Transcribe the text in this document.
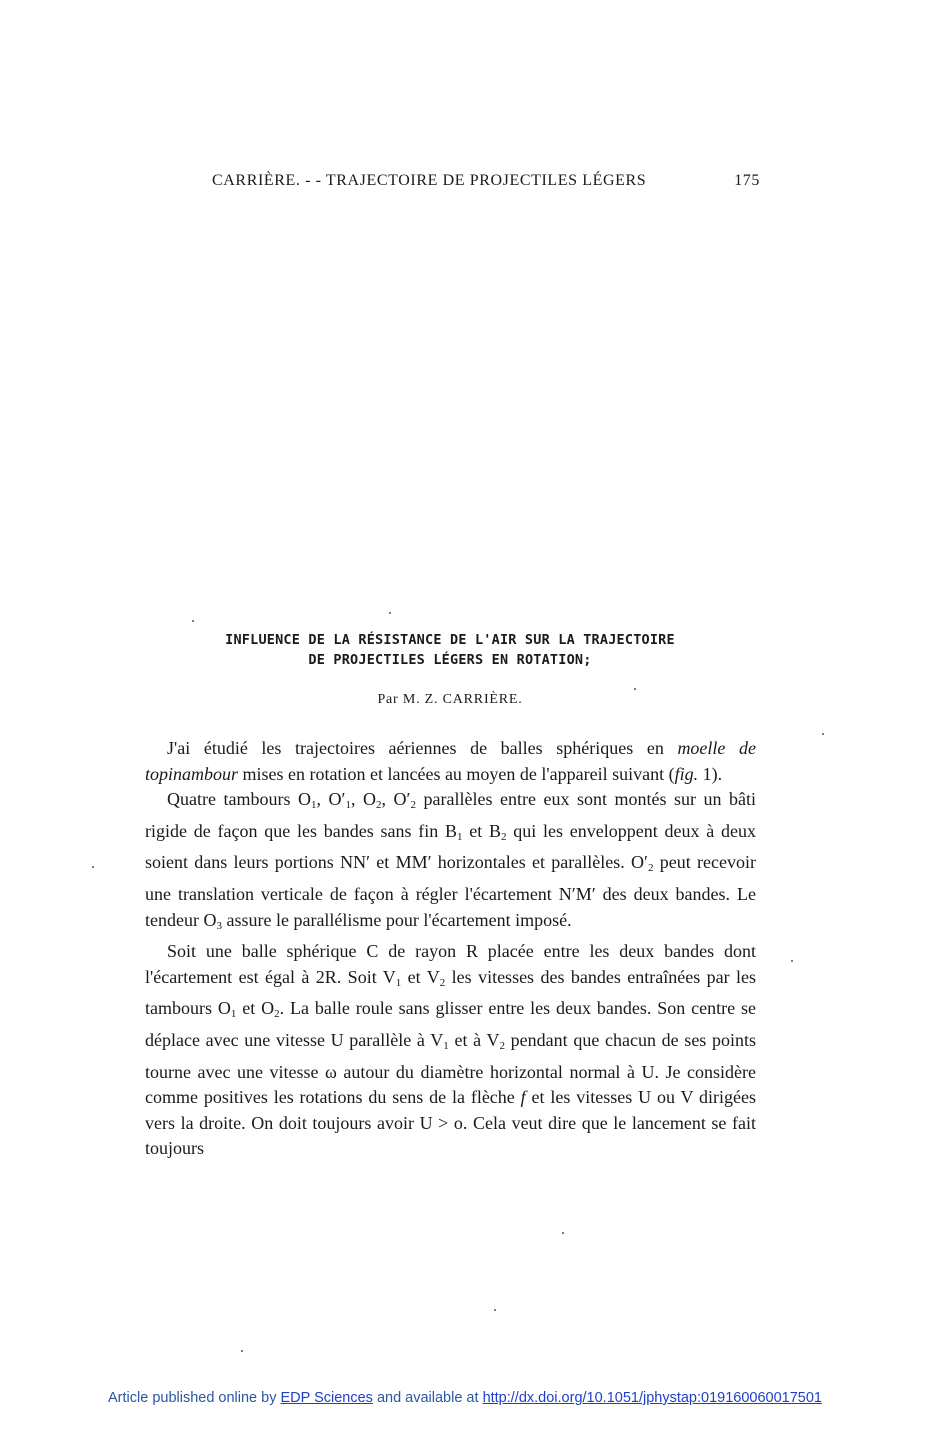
CARRIÈRE. - - TRAJECTOIRE DE PROJECTILES LÉGERS	175
INFLUENCE DE LA RÉSISTANCE DE L'AIR SUR LA TRAJECTOIRE
DE PROJECTILES LÉGERS EN ROTATION;
Par M. Z. CARRIÈRE.

J'ai étudié les trajectoires aériennes de balles sphériques en moelle de topinambour mises en rotation et lancées au moyen de l'appareil suivant (fig. 1).

Quatre tambours $O_1$, $O'_1$, $O_2$, $O'_2$ parallèles entre eux sont montés sur un bâti rigide de façon que les bandes sans fin $B_1$ et $B_2$ qui les enveloppent deux à deux soient dans leurs portions NN′ et MM′ horizontales et parallèles. $O'_2$ peut recevoir une translation verticale de façon à régler l'écartement N′M′ des deux bandes. Le tendeur $O_3$ assure le parallélisme pour l'écartement imposé.

Soit une balle sphérique C de rayon R placée entre les deux bandes dont l'écartement est égal à 2R. Soit $V_1$ et $V_2$ les vitesses des bandes entraînées par les tambours $O_1$ et $O_2$. La balle roule sans glisser entre les deux bandes. Son centre se déplace avec une vitesse U parallèle à $V_1$ et à $V_2$ pendant que chacun de ses points tourne avec une vitesse ω autour du diamètre horizontal normal à U. Je considère comme positives les rotations du sens de la flèche f et les vitesses U ou V dirigées vers la droite. On doit toujours avoir U > o. Cela veut dire que le lancement se fait toujours

Article published online by EDP Sciences and available at http://dx.doi.org/10.1051/jphystap:019160060017501
